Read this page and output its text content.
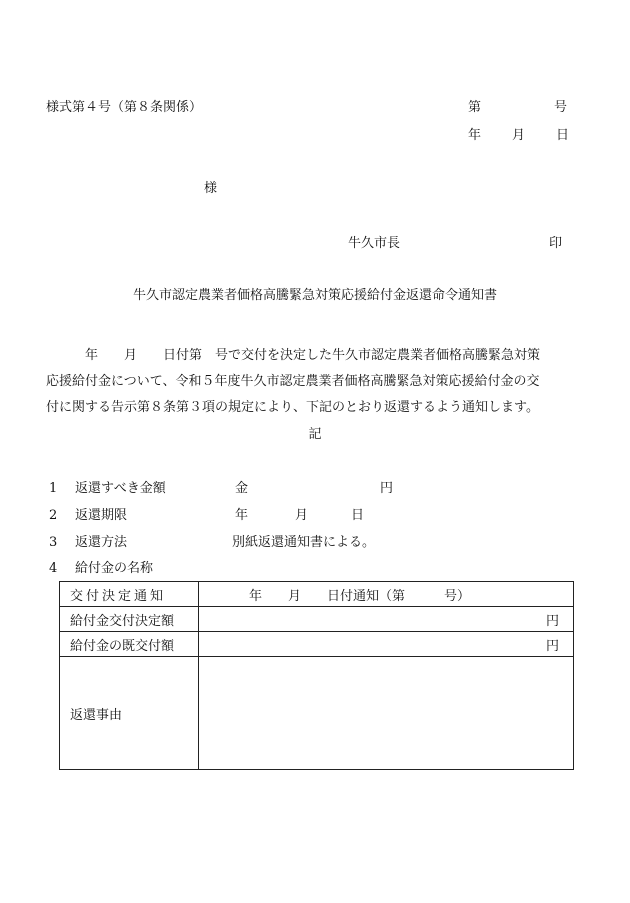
様式第４号（第８条関係）	第	号
年 月 日
様
牛久市長	印
牛久市認定農業者価格高騰緊急対策応援給付金返還命令通知書
　　　年　　月　　日付第　号で交付を決定した牛久市認定農業者価格高騰緊急対策
応援給付金について、令和５年度牛久市認定農業者価格高騰緊急対策応援給付金の交
付に関する告示第８条第３項の規定により、下記のとおり返還するよう通知します。
記
1 返還すべき金額	金	円
2 返還期限	年	月	日
3 返還方法	別紙返還通知書による。
4 給付金の名称
交付決定通知	年　　月　　日付通知（第　　　号）
給付金交付決定額	円
給付金の既交付額	円
返還事由	
